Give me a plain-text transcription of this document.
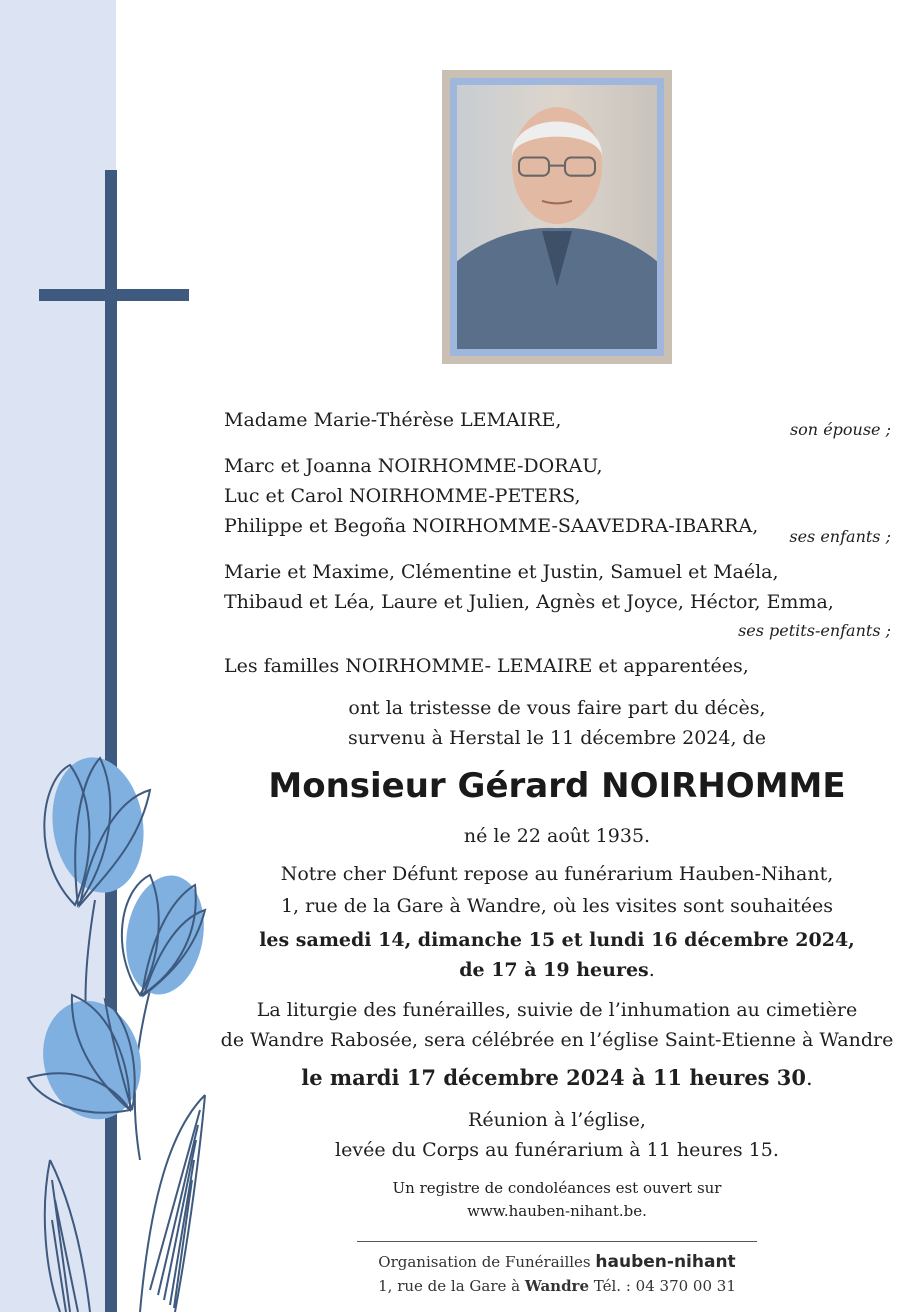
Madame Marie-Thérèse LEMAIRE,	son épouse ;
Marc et Joanna NOIRHOMME-DORAU,
Luc et Carol NOIRHOMME-PETERS,
Philippe et Begoña NOIRHOMME-SAAVEDRA-IBARRA, ses enfants ;
Marie et Maxime, Clémentine et Justin, Samuel et Maéla,
Thibaud et Léa, Laure et Julien, Agnès et Joyce, Héctor, Emma,
ses petits-enfants ;
Les familles NOIRHOMME- LEMAIRE et apparentées,
ont la tristesse de vous faire part du décès,
survenu à Herstal le 11 décembre 2024, de
Monsieur Gérard NOIRHOMME
né le 22 août 1935.
Notre cher Défunt repose au funérarium Hauben-Nihant,
1, rue de la Gare à Wandre, où les visites sont souhaitées
les samedi 14, dimanche 15 et lundi 16 décembre 2024,
de 17 à 19 heures.
La liturgie des funérailles, suivie de l’inhumation au cimetière
de Wandre Rabosée, sera célébrée en l’église Saint-Etienne à Wandre
le mardi 17 décembre 2024 à 11 heures 30.
Réunion à l’église,
levée du Corps au funérarium à 11 heures 15.
Un registre de condoléances est ouvert sur
www.hauben-nihant.be.
Organisation de Funérailles hauben-nihant
1, rue de la Gare à Wandre Tél. : 04 370 00 31
